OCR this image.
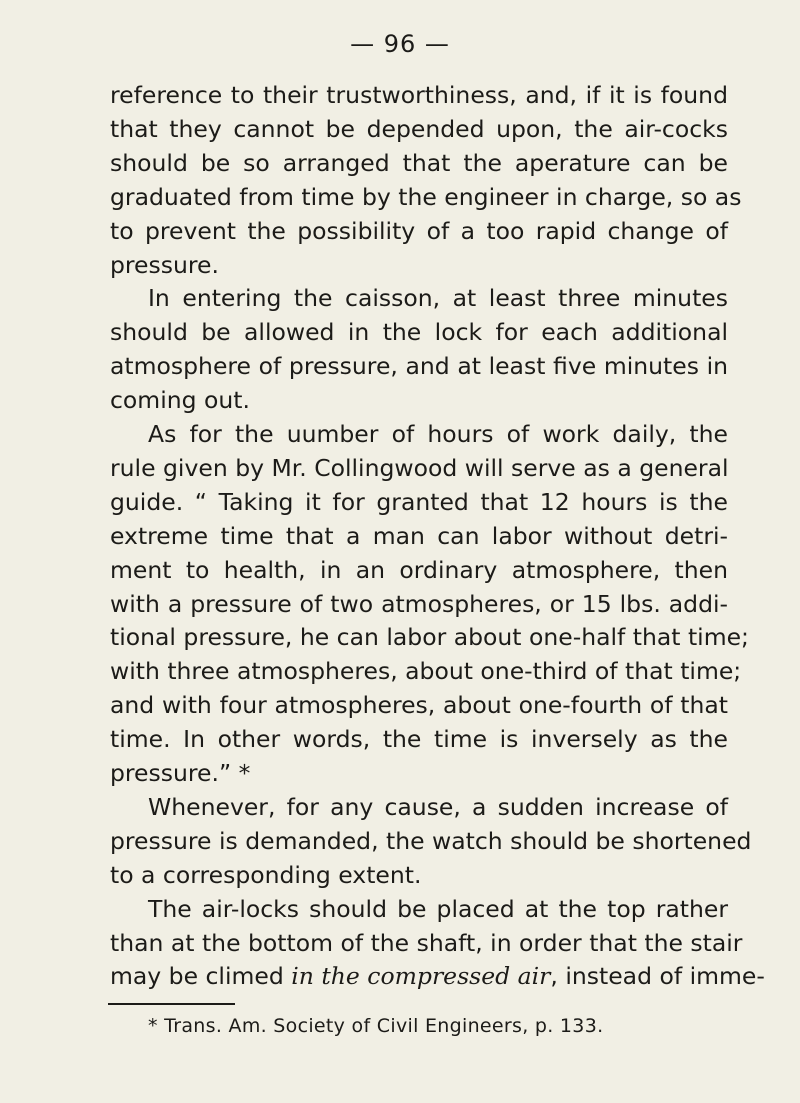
— 96 —
reference to their trustworthiness, and, if it is found
that they cannot be depended upon, the air-cocks
should be so arranged that the aperature can be
graduated from time by the engineer in charge, so as
to prevent the possibility of a too rapid change of
pressure.
In entering the caisson, at least three minutes
should be allowed in the lock for each additional
atmosphere of pressure, and at least five minutes in
coming out.
As for the uumber of hours of work daily, the
rule given by Mr. Collingwood will serve as a general
guide. “ Taking it for granted that 12 hours is the
extreme time that a man can labor without detri-
ment to health, in an ordinary atmosphere, then
with a pressure of two atmospheres, or 15 lbs. addi-
tional pressure, he can labor about one-half that time;
with three atmospheres, about one-third of that time;
and with four atmospheres, about one-fourth of that
time. In other words, the time is inversely as the
pressure.” *
Whenever, for any cause, a sudden increase of
pressure is demanded, the watch should be shortened
to a corresponding extent.
The air-locks should be placed at the top rather
than at the bottom of the shaft, in order that the stair
may be climed in the compressed air, instead of imme-
* Trans. Am. Society of Civil Engineers, p. 133.
